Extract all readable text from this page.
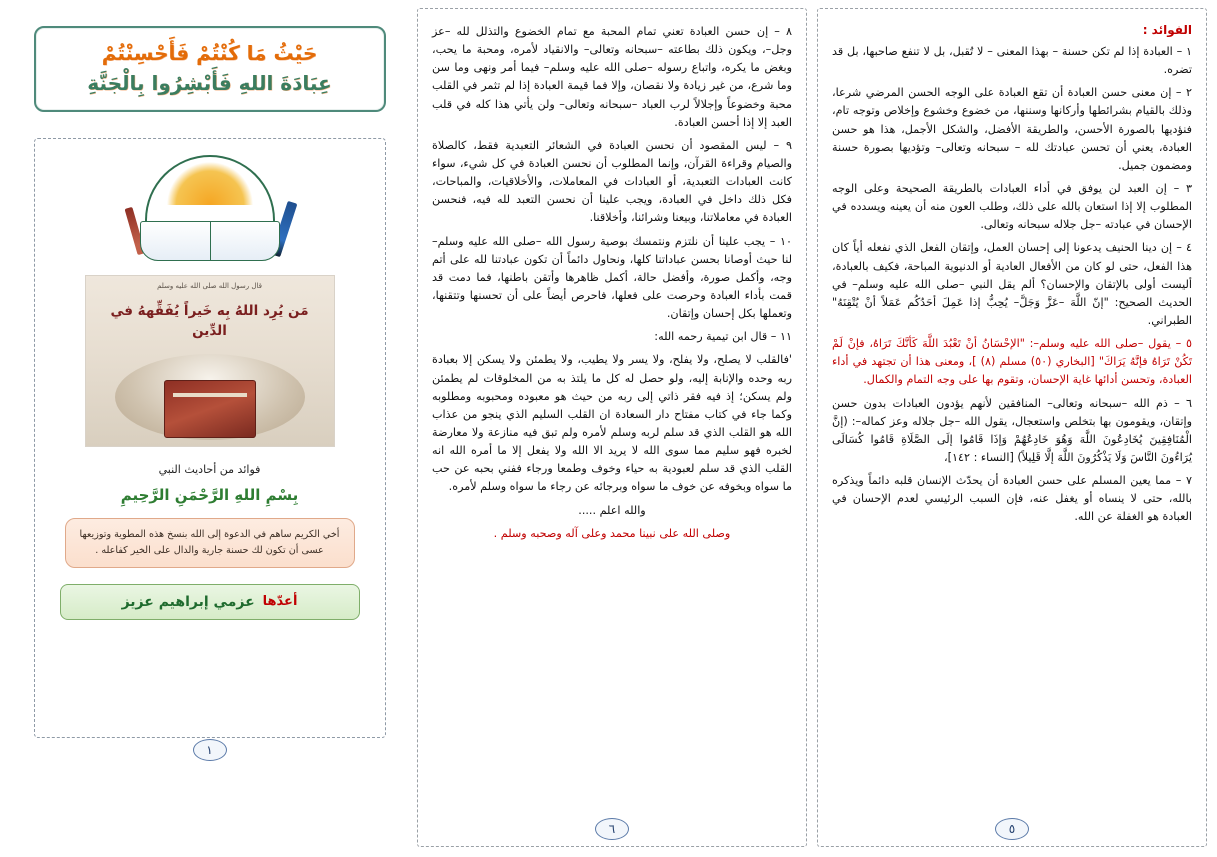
الفوائد :

١ – العبادة إذا لم تكن حسنة – بهذا المعنى – لا تُقبل، بل لا تنفع صاحبها، بل قد تضره.

٢ – إن معنى حسن العبادة أن تقع العبادة على الوجه الحسن المرضي شرعا، وذلك بالقيام بشرائطها وأركانها وسننها، من خضوع وخشوع وإخلاص وتوجه تام، فنؤديها بالصورة الأحسن، والطريقة الأفضل، والشكل الأجمل، هذا هو حسن العبادة، يعني أن تحسن عبادتك لله – سبحانه وتعالى– وتؤديها بصورة حسنة ومضمون جميل.

٣ – إن العبد لن يوفق في أداء العبادات بالطريقة الصحيحة وعلى الوجه المطلوب إلا إذا استعان بالله على ذلك، وطلب العون منه أن يعينه ويسدده في الإحسان في عبادته –جل جلاله سبحانه وتعالى.

٤ – إن دينا الحنيف يدعونا إلى إحسان العمل، وإتقان الفعل الذي نفعله أياً كان هذا الفعل، حتى لو كان من الأفعال العادية أو الدنيوية المباحة، فكيف بالعبادة، أليست أولى بالإتقان والإحسان؟ ألم يقل النبي –صلى الله عليه وسلم– في الحديث الصحيح: "إنّ اللَّهَ –عَزَّ وَجَلَّ– يُحِبُّ إذا عَمِلَ أحَدُكُم عَمَلاً أنْ يُتْقِنَهُ" الطبراني.

٥ – يقول –صلى الله عليه وسلم–: "الإحْسَانُ أنْ تَعْبُدَ اللَّهَ كَأنَّكَ تَرَاهُ، فإنْ لَمْ تَكُنْ تَرَاهُ فإنَّهُ يَرَاكَ" [البخاري (٥٠) مسلم (٨) ]، ومعنى هذا أن تجتهد في أداء العبادة، وتحسن أدائها غاية الإحسان، وتقوم بها على وجه التمام والكمال.

٦ – ذم الله –سبحانه وتعالى– المنافقين لأنهم يؤدون العبادات بدون حسن وإتقان، ويقومون بها بتخلص واستعجال، يقول الله –جل جلاله وعز كماله–: (إنَّ الْمُنَافِقِينَ يُخَادِعُونَ اللَّهَ وَهُوَ خَادِعُهُمْ وَإذَا قَامُوا إلَى الصَّلَاةِ قَامُوا كُسَالَى يُرَاءُونَ النَّاسَ وَلَا يَذْكُرُونَ اللَّهَ إلَّا قَلِيلاً) [النساء : ١٤٢]،

٧ – مما يعين المسلم على حسن العبادة أن يحدّث الإنسان قلبه دائماً ويذكره بالله، حتى لا ينساه أو يغفل عنه، فإن السبب الرئيسي لعدم الإحسان في العبادة هو الغفلة عن الله.

٥

٨ – إن حسن العبادة تعني تمام المحبة مع تمام الخضوع والتذلل لله –عز وجل–، ويكون ذلك بطاعته –سبحانه وتعالى– والانقياد لأمره، ومحبة ما يحب، وبغض ما يكره، واتباع رسوله –صلى الله عليه وسلم– فيما أمر ونهى وما سن وما شرع، من غير زيادة ولا نقصان، وإلا فما قيمة العبادة إذا لم تثمر في القلب محبة وخضوعاً وإجلالاً لرب العباد –سبحانه وتعالى– ولن يأتي هذا كله في قلب العبد إلا إذا أحسن العبادة.

٩ – ليس المقصود أن نحسن العبادة في الشعائر التعبدية فقط، كالصلاة والصيام وقراءة القرآن، وإنما المطلوب أن نحسن العبادة في كل شيء، سواء كانت العبادات التعبدية، أو العبادات في المعاملات، والأخلاقيات، والمباحات، فكل ذلك داخل في العبادة، ويجب علينا أن نحسن التعبد لله فيه، فنحسن العبادة في معاملاتنا، وبيعنا وشرائنا، وأخلاقنا.

١٠ – يجب علينا أن نلتزم ونتمسك بوصية رسول الله –صلى الله عليه وسلم– لنا حيث أوصانا بحسن عباداتنا كلها، ونحاول دائماً أن تكون عبادتنا لله على أتم وجه، وأكمل صورة، وأفضل حالة، أكمل ظاهرها وأتقن باطنها، فما دمت قد قمت بأداء العبادة وحرصت على فعلها، فاحرص أيضاً على أن تحسنها وتتقنها، وتعملها بكل إحسان وإتقان.

١١ – قال ابن تيمية رحمه الله:

'فالقلب لا يصلح، ولا يفلح، ولا يسر ولا يطيب، ولا يطمئن ولا يسكن إلا بعبادة ربه وحده والإنابة إليه، ولو حصل له كل ما يلتذ به من المخلوقات لم يطمئن ولم يسكن؛ إذ فيه فقر ذاتي إلى ربه من حيث هو معبوده ومحبوبه ومطلوبه وكما جاء في كتاب مفتاح دار السعادة ان القلب السليم الذي ينجو من عذاب الله هو القلب الذي قد سلم لربه وسلم لأمره ولم تبق فيه منازعة ولا معارضة لخبره فهو سليم مما سوى الله لا يريد الا الله ولا يفعل إلا ما أمره الله انه القلب الذي قد سلم لعبودية به حياء وخوف وطمعا ورجاء ففني بحبه عن حب ما سواه وبخوفه عن خوف ما سواه وبرجائه عن رجاء ما سواه وسلم لأمره.

والله اعلم .....

وصلى الله على نبينا محمد وعلى آله وصحبه وسلم .

٦
حَيْثُ مَا كُنْتُمْ فَأَحْسِنْتُمْ
عِبَادَةَ اللهِ فَأَبْشِرُوا بِالْجَنَّةِ
قال رسول الله صلى الله عليه وسلم
مَن يُرِد اللهُ بِه خَيراً يُفَقِّههُ في الدِّين
فوائد من أحاديث النبي
بِسْمِ اللهِ الرَّحْمَنِ الرَّحِيمِ
أخي الكريم ساهم في الدعوة إلى الله بنسخ هذه المطوية وتوزيعها عسى أن تكون لك حسنة جارية والدال على الخير كفاعله .
أعدّها
عزمي إبراهيم عزيز
١
